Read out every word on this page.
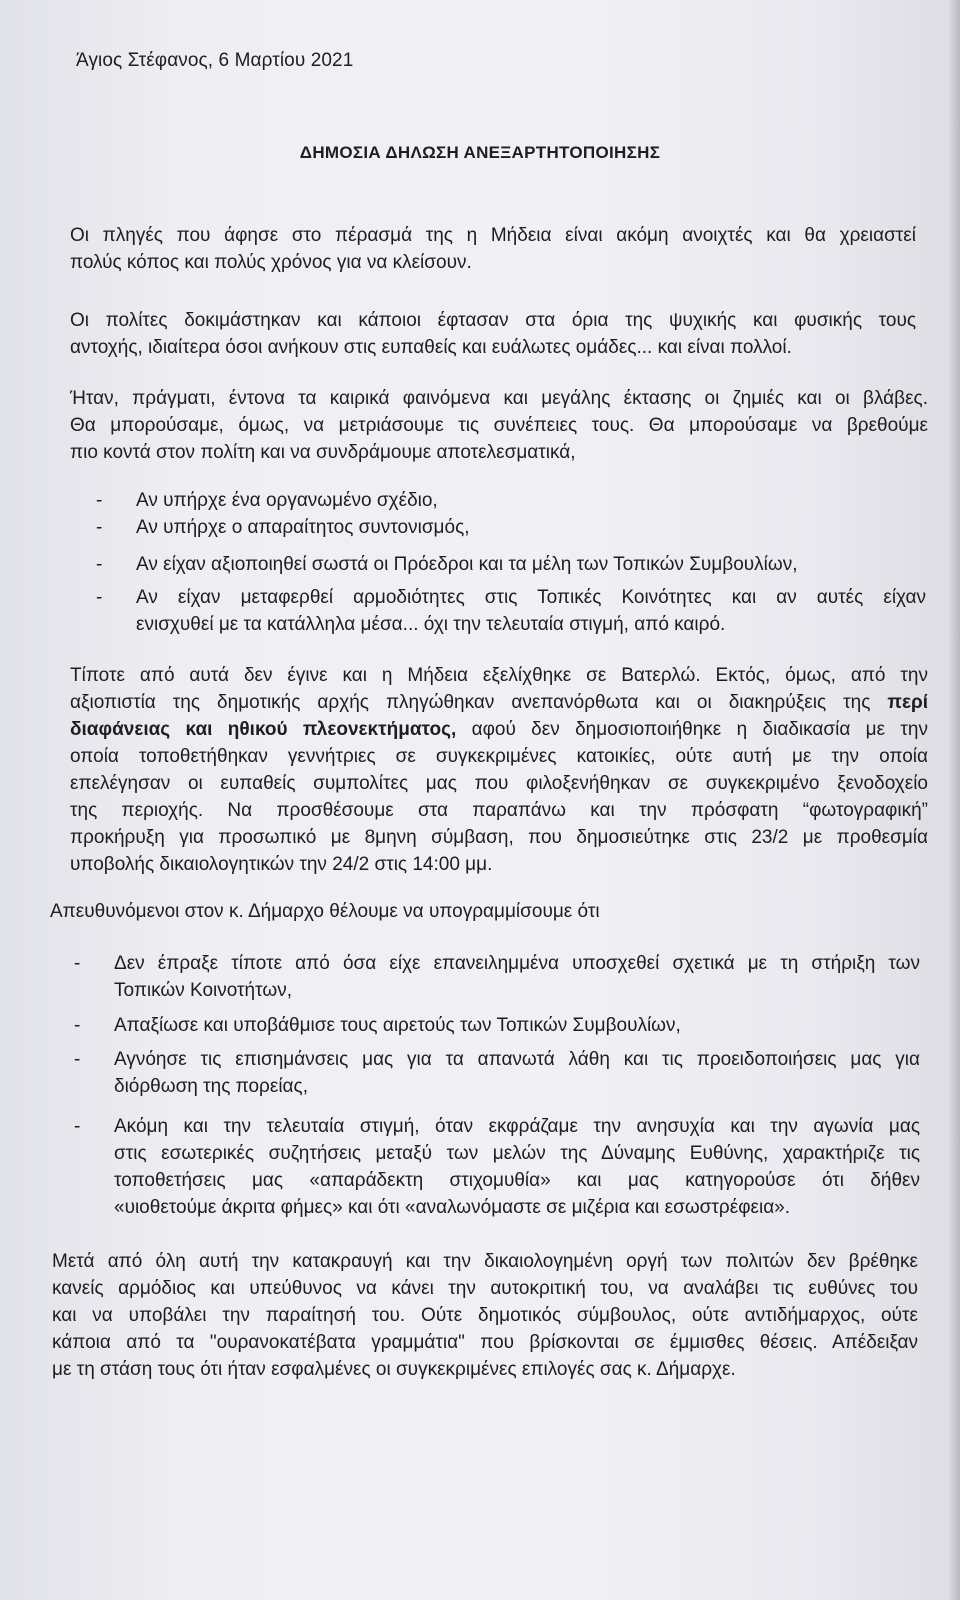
Άγιος Στέφανος, 6 Μαρτίου 2021
ΔΗΜΟΣΙΑ ΔΗΛΩΣΗ ΑΝΕΞΑΡΤΗΤΟΠΟΙΗΣΗΣ
Οι πληγές που άφησε στο πέρασμά της η Μήδεια είναι ακόμη ανοιχτές και θα χρειαστεί
πολύς κόπος και πολύς χρόνος για να κλείσουν.
Οι πολίτες δοκιμάστηκαν και κάποιοι έφτασαν στα όρια της ψυχικής και φυσικής τους
αντοχής, ιδιαίτερα όσοι ανήκουν στις ευπαθείς και ευάλωτες ομάδες... και είναι πολλοί.
Ήταν, πράγματι, έντονα τα καιρικά φαινόμενα και μεγάλης έκτασης οι ζημιές και οι βλάβες.
Θα μπορούσαμε, όμως, να μετριάσουμε τις συνέπειες τους. Θα μπορούσαμε να βρεθούμε
πιο κοντά στον πολίτη και να συνδράμουμε αποτελεσματικά,
- Αν υπήρχε ένα οργανωμένο σχέδιο,
- Αν υπήρχε ο απαραίτητος συντονισμός,
- Αν είχαν αξιοποιηθεί σωστά οι Πρόεδροι και τα μέλη των Τοπικών Συμβουλίων,
- Αν είχαν μεταφερθεί αρμοδιότητες στις Τοπικές Κοινότητες και αν αυτές είχαν
ενισχυθεί με τα κατάλληλα μέσα... όχι την τελευταία στιγμή, από καιρό.
Τίποτε από αυτά δεν έγινε και η Μήδεια εξελίχθηκε σε Βατερλώ. Εκτός, όμως, από την
αξιοπιστία της δημοτικής αρχής πληγώθηκαν ανεπανόρθωτα και οι διακηρύξεις της περί
διαφάνειας και ηθικού πλεονεκτήματος, αφού δεν δημοσιοποιήθηκε η διαδικασία με την
οποία τοποθετήθηκαν γεννήτριες σε συγκεκριμένες κατοικίες, ούτε αυτή με την οποία
επελέγησαν οι ευπαθείς συμπολίτες μας που φιλοξενήθηκαν σε συγκεκριμένο ξενοδοχείο
της περιοχής. Να προσθέσουμε στα παραπάνω και την πρόσφατη “φωτογραφική”
προκήρυξη για προσωπικό με 8μηνη σύμβαση, που δημοσιεύτηκε στις 23/2 με προθεσμία
υποβολής δικαιολογητικών την 24/2 στις 14:00 μμ.
Απευθυνόμενοι στον κ. Δήμαρχο θέλουμε να υπογραμμίσουμε ότι
- Δεν έπραξε τίποτε από όσα είχε επανειλημμένα υποσχεθεί σχετικά με τη στήριξη των
Τοπικών Κοινοτήτων,
- Απαξίωσε και υποβάθμισε τους αιρετούς των Τοπικών Συμβουλίων,
- Αγνόησε τις επισημάνσεις μας για τα απανωτά λάθη και τις προειδοποιήσεις μας για
διόρθωση της πορείας,
- Ακόμη και την τελευταία στιγμή, όταν εκφράζαμε την ανησυχία και την αγωνία μας
στις εσωτερικές συζητήσεις μεταξύ των μελών της Δύναμης Ευθύνης, χαρακτήριζε τις
τοποθετήσεις μας «απαράδεκτη στιχομυθία» και μας κατηγορούσε ότι δήθεν
«υιοθετούμε άκριτα φήμες» και ότι «αναλωνόμαστε σε μιζέρια και εσωστρέφεια».
Μετά από όλη αυτή την κατακραυγή και την δικαιολογημένη οργή των πολιτών δεν βρέθηκε
κανείς αρμόδιος και υπεύθυνος να κάνει την αυτοκριτική του, να αναλάβει τις ευθύνες του
και να υποβάλει την παραίτησή του. Ούτε δημοτικός σύμβουλος, ούτε αντιδήμαρχος, ούτε
κάποια από τα "ουρανοκατέβατα γραμμάτια" που βρίσκονται σε έμμισθες θέσεις. Απέδειξαν
με τη στάση τους ότι ήταν εσφαλμένες οι συγκεκριμένες επιλογές σας κ. Δήμαρχε.
